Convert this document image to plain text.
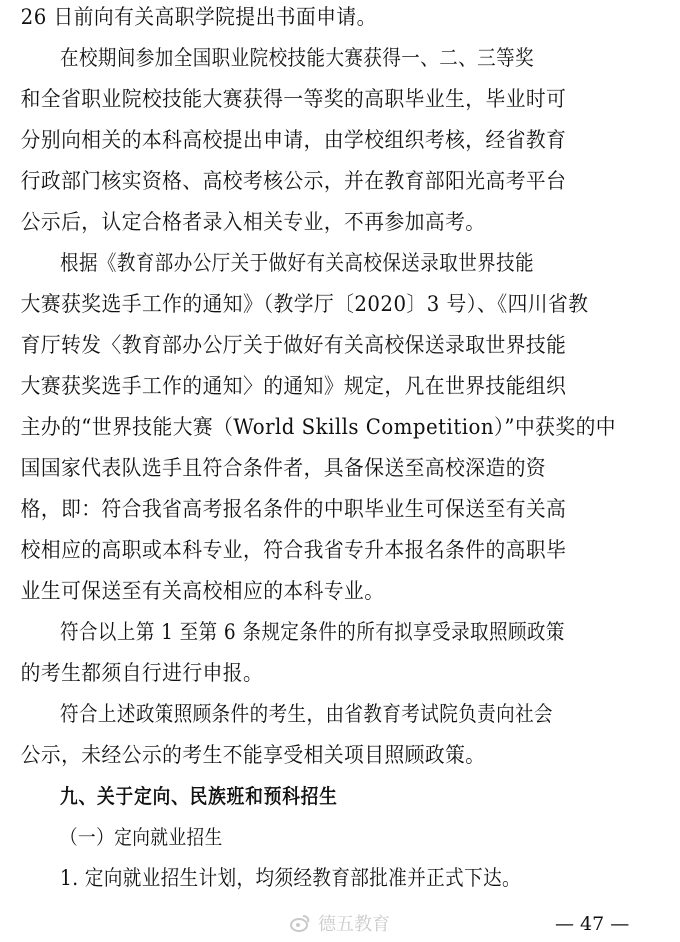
26 日前向有关高职学院提出书面申请。
在校期间参加全国职业院校技能大赛获得一、二、三等奖
和全省职业院校技能大赛获得一等奖的高职毕业生，毕业时可
分别向相关的本科高校提出申请，由学校组织考核，经省教育
行政部门核实资格、高校考核公示，并在教育部阳光高考平台
公示后，认定合格者录入相关专业，不再参加高考。
根据《教育部办公厅关于做好有关高校保送录取世界技能
大赛获奖选手工作的通知》（教学厅〔2020〕3 号）、《四川省教
育厅转发〈教育部办公厅关于做好有关高校保送录取世界技能
大赛获奖选手工作的通知〉的通知》规定，凡在世界技能组织
主办的“世界技能大赛（World Skills Competition）”中获奖的中
国国家代表队选手且符合条件者，具备保送至高校深造的资
格，即：符合我省高考报名条件的中职毕业生可保送至有关高
校相应的高职或本科专业，符合我省专升本报名条件的高职毕
业生可保送至有关高校相应的本科专业。
符合以上第 1 至第 6 条规定条件的所有拟享受录取照顾政策
的考生都须自行进行申报。
符合上述政策照顾条件的考生，由省教育考试院负责向社会
公示，未经公示的考生不能享受相关项目照顾政策。
九、关于定向、民族班和预科招生
（一）定向就业招生
1. 定向就业招生计划，均须经教育部批准并正式下达。
德五教育	— 47 —
